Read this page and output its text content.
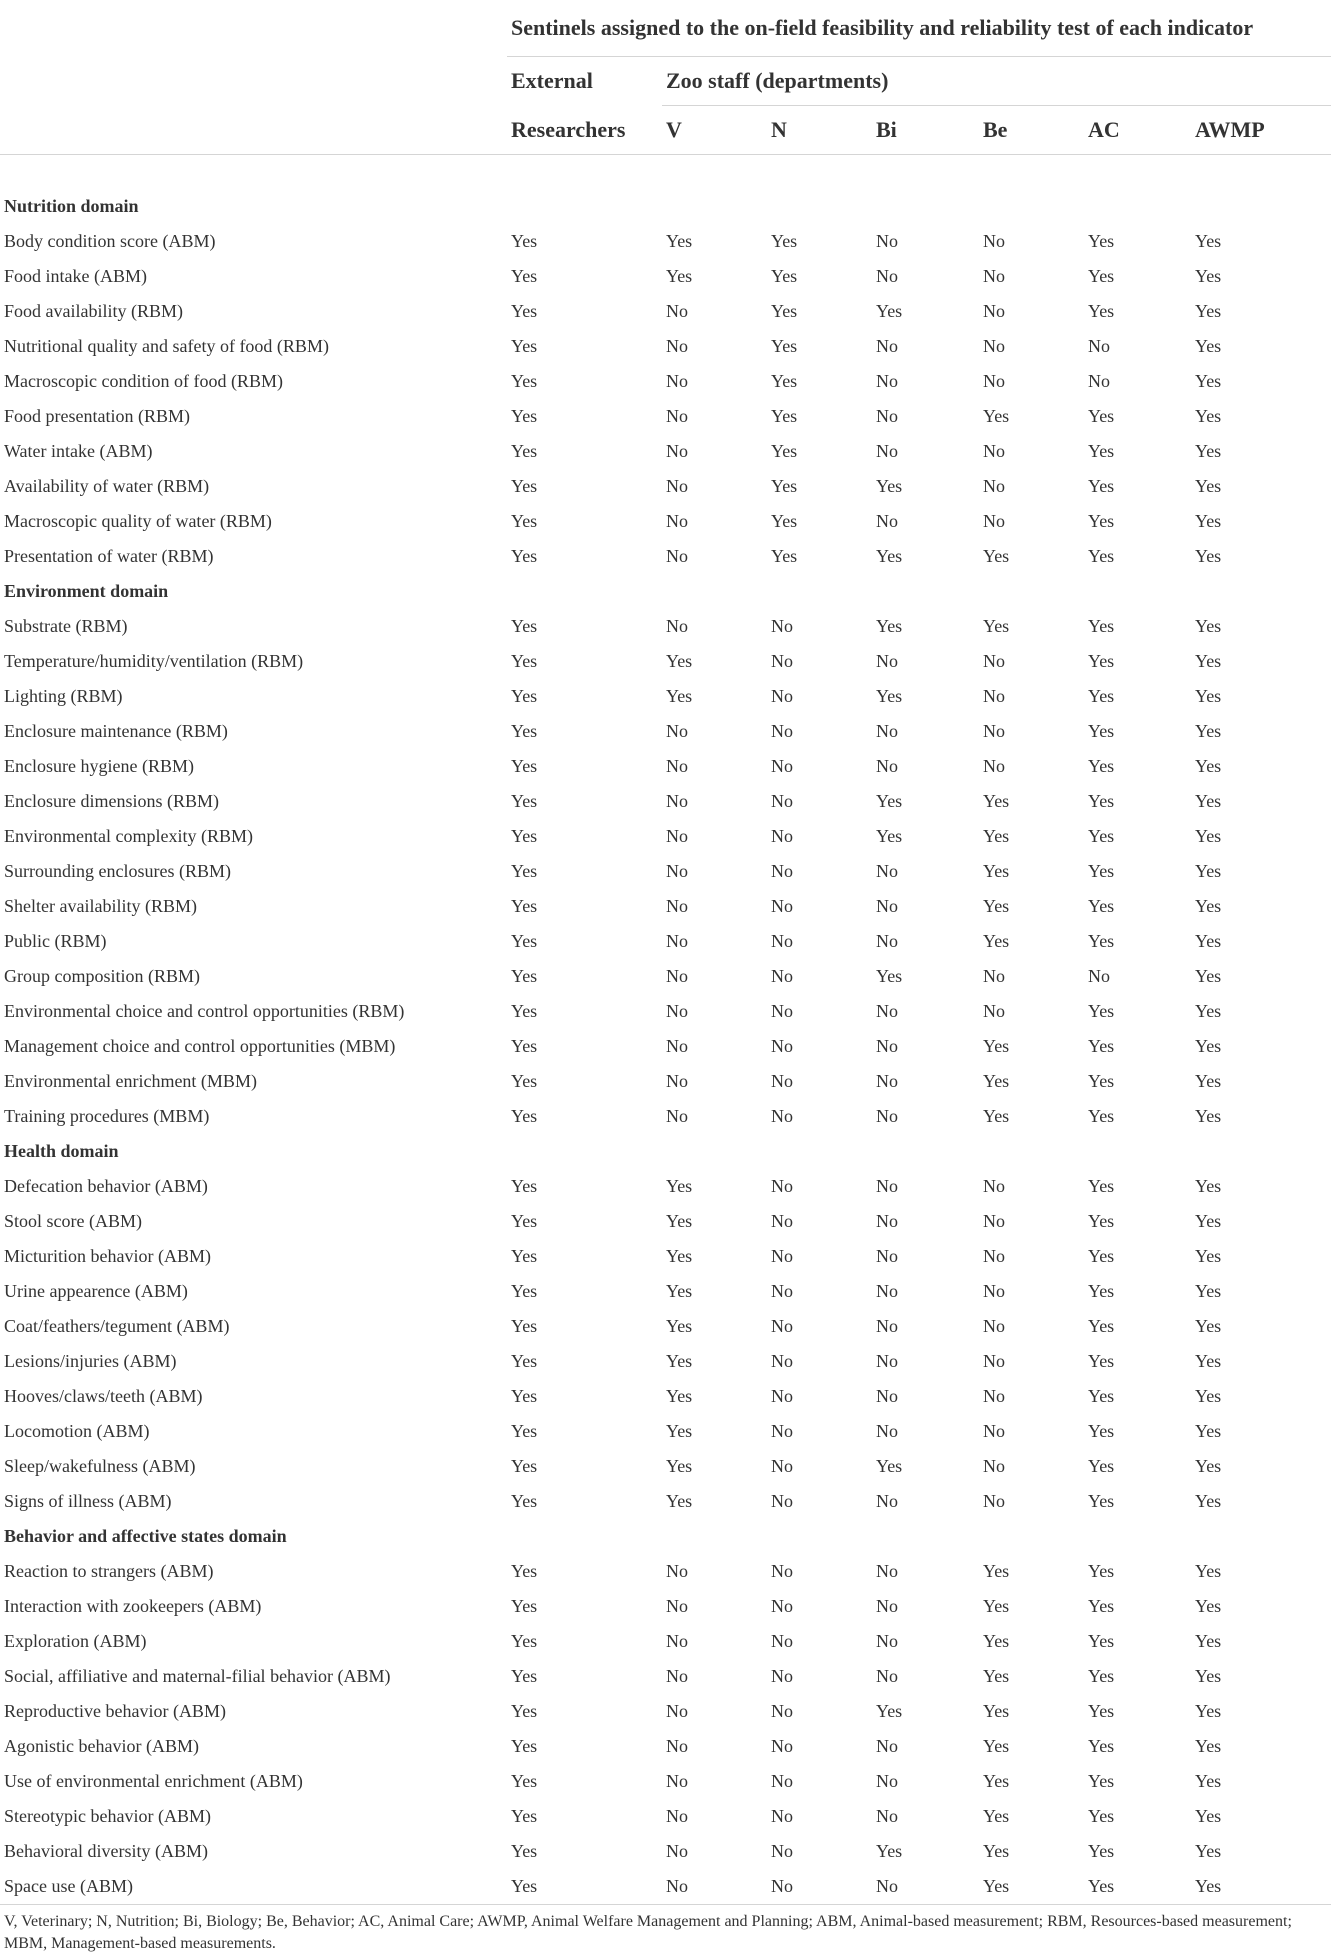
	Sentinels assigned to the on-field feasibility and reliability test of each indicator						
	External	Zoo staff (departments)					
	Researchers	V	N	Bi	Be	AC	AWMP

Nutrition domain							
Body condition score (ABM)	Yes	Yes	Yes	No	No	Yes	Yes
Food intake (ABM)	Yes	Yes	Yes	No	No	Yes	Yes
Food availability (RBM)	Yes	No	Yes	Yes	No	Yes	Yes
Nutritional quality and safety of food (RBM)	Yes	No	Yes	No	No	No	Yes
Macroscopic condition of food (RBM)	Yes	No	Yes	No	No	No	Yes
Food presentation (RBM)	Yes	No	Yes	No	Yes	Yes	Yes
Water intake (ABM)	Yes	No	Yes	No	No	Yes	Yes
Availability of water (RBM)	Yes	No	Yes	Yes	No	Yes	Yes
Macroscopic quality of water (RBM)	Yes	No	Yes	No	No	Yes	Yes
Presentation of water (RBM)	Yes	No	Yes	Yes	Yes	Yes	Yes
Environment domain							
Substrate (RBM)	Yes	No	No	Yes	Yes	Yes	Yes
Temperature/humidity/ventilation (RBM)	Yes	Yes	No	No	No	Yes	Yes
Lighting (RBM)	Yes	Yes	No	Yes	No	Yes	Yes
Enclosure maintenance (RBM)	Yes	No	No	No	No	Yes	Yes
Enclosure hygiene (RBM)	Yes	No	No	No	No	Yes	Yes
Enclosure dimensions (RBM)	Yes	No	No	Yes	Yes	Yes	Yes
Environmental complexity (RBM)	Yes	No	No	Yes	Yes	Yes	Yes
Surrounding enclosures (RBM)	Yes	No	No	No	Yes	Yes	Yes
Shelter availability (RBM)	Yes	No	No	No	Yes	Yes	Yes
Public (RBM)	Yes	No	No	No	Yes	Yes	Yes
Group composition (RBM)	Yes	No	No	Yes	No	No	Yes
Environmental choice and control opportunities (RBM)	Yes	No	No	No	No	Yes	Yes
Management choice and control opportunities (MBM)	Yes	No	No	No	Yes	Yes	Yes
Environmental enrichment (MBM)	Yes	No	No	No	Yes	Yes	Yes
Training procedures (MBM)	Yes	No	No	No	Yes	Yes	Yes
Health domain							
Defecation behavior (ABM)	Yes	Yes	No	No	No	Yes	Yes
Stool score (ABM)	Yes	Yes	No	No	No	Yes	Yes
Micturition behavior (ABM)	Yes	Yes	No	No	No	Yes	Yes
Urine appearence (ABM)	Yes	Yes	No	No	No	Yes	Yes
Coat/feathers/tegument (ABM)	Yes	Yes	No	No	No	Yes	Yes
Lesions/injuries (ABM)	Yes	Yes	No	No	No	Yes	Yes
Hooves/claws/teeth (ABM)	Yes	Yes	No	No	No	Yes	Yes
Locomotion (ABM)	Yes	Yes	No	No	No	Yes	Yes
Sleep/wakefulness (ABM)	Yes	Yes	No	Yes	No	Yes	Yes
Signs of illness (ABM)	Yes	Yes	No	No	No	Yes	Yes
Behavior and affective states domain							
Reaction to strangers (ABM)	Yes	No	No	No	Yes	Yes	Yes
Interaction with zookeepers (ABM)	Yes	No	No	No	Yes	Yes	Yes
Exploration (ABM)	Yes	No	No	No	Yes	Yes	Yes
Social, affiliative and maternal-filial behavior (ABM)	Yes	No	No	No	Yes	Yes	Yes
Reproductive behavior (ABM)	Yes	No	No	Yes	Yes	Yes	Yes
Agonistic behavior (ABM)	Yes	No	No	No	Yes	Yes	Yes
Use of environmental enrichment (ABM)	Yes	No	No	No	Yes	Yes	Yes
Stereotypic behavior (ABM)	Yes	No	No	No	Yes	Yes	Yes
Behavioral diversity (ABM)	Yes	No	No	Yes	Yes	Yes	Yes
Space use (ABM)	Yes	No	No	No	Yes	Yes	Yes

V, Veterinary; N, Nutrition; Bi, Biology; Be, Behavior; AC, Animal Care; AWMP, Animal Welfare Management and Planning; ABM, Animal-based measurement; RBM, Resources-based measurement; MBM, Management-based measurements.
